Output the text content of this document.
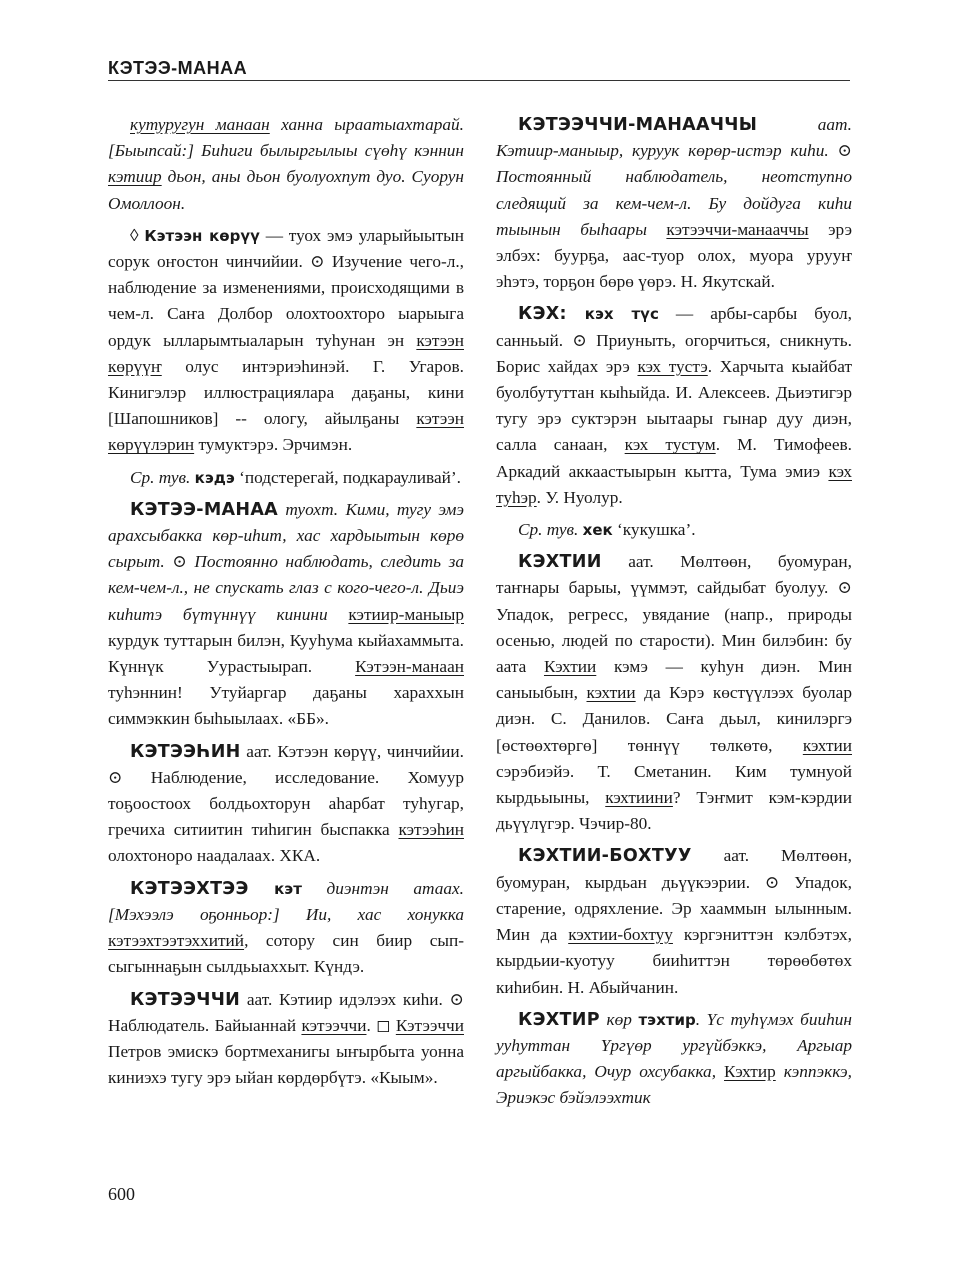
КЭТЭЭ-МАНАА

кутуругун манаан ханна ыраатыахтарай. [Быыпсай:] Биһиги былыргылыы сүөһү кэннин кэтиир дьон, аны дьон буолуохпут дуо. Суорун Омоллоон.

◊ Кэтээн көрүү — туох эмэ уларыйыытын сорук оҥостон чинчийии. ⊙ Изучение чего-л., наблюдение за изменениями, происходящими в чем-л. Саҥа Долбор олохтоохторо ыарыыга ордук ылларымтыаларын туһунан эн кэтээн көрүүҥ олус интэриэһинэй. Г. Угаров. Кинигэлэр иллюстрацияларa даҕаны, кини [Шапошников] -- ологу, айылҕаны кэтээн көрүүлэрин тумуктэрэ. Эрчимэн.

Ср. тув. кэдэ ‘подстерегай, подкарауливай’.

КЭТЭЭ-МАНАА туохт. Кими, тугу эмэ арахсыбакка көр-иһит, хас хардыытын көрө сырыт. ⊙ Постоянно наблюдать, следить за кем-чем-л., не спускать глаз с кого-чего-л. Дьиэ киһитэ бүтүннүү кинини кэтиир-маныыр курдук туттарын билэн, Кууһума кыйахаммыта. Күннүк Уурастыырап. Кэтээн-манаан туһэннин! Утуйаргар даҕаны хараххын симмэккин быһыылаах. «ББ».

КЭТЭЭҺИН аат. Кэтээн көрүү, чинчийии. ⊙ Наблюдение, исследование. Хомуур тоҕоостоох болдьохторун аһарбат туһугар, гречиха ситиитин тиһигин быспакка кэтээһин олохтоноро наадалаах. ХКА.

КЭТЭЭХТЭЭ кэт диэнтэн атаах. [Мэхээлэ оҕонньор:] Ии, хас хонукка кэтээхтээтэххитий, сотору син биир сып-сыгыннаҕын сылдьыаххыт. Күндэ.

КЭТЭЭЧЧИ аат. Кэтиир идэлээх киһи. ⊙ Наблюдатель. Байыаннай кэтээччи. ◻ Кэтээччи Петров эмискэ бортмеханигы ыҥырбыта уонна киниэхэ тугу эрэ ыйан көрдөрбүтэ. «Кыым».

КЭТЭЭЧЧИ-МАНААЧЧЫ аат. Кэтиир-маныыр, куруук көрөр-истэр киһи. ⊙ Постоянный наблюдатель, неотступно следящий за кем-чем-л. Бу дойдуга киһи тыынын быһаары кэтээччи-манааччы эрэ элбэх: буурҕа, аас-туор олох, муора урууҥ эһэтэ, торҕон бөрө үөрэ. Н. Якутскай.

КЭХ: кэх түс — арбы-сарбы буол, санньый. ⊙ Приуныть, огорчиться, сникнуть. Борис хайдах эрэ кэх тустэ. Харчыта кыайбат буолбутуттан кыһыйда. И. Алексеев. Дьиэтигэр тугу эрэ суктэрэн ыытаары гынар дуу диэн, салла санаан, кэх тустум. М. Тимофеев. Аркадий аккаастыырын кытта, Тума эмиэ кэх туһэр. У. Нуолур.

Ср. тув. хек ‘кукушка’.

КЭХТИИ аат. Мөлтөөн, буомуран, таҥнары барыы, үүммэт, сайдыбат буолуу. ⊙ Упадок, регресс, увядание (напр., природы осенью, людей по старости). Мин билэбин: бу аата Кэхтии кэмэ — куһун диэн. Мин саныыбын, кэхтии да Кэрэ көстүүлээх буолар диэн. С. Данилов. Саҥа дьыл, кинилэргэ [өстөөхтөргө] төннүү төлкөтө, кэхтии сэрэбиэйэ. Т. Сметанин. Ким тумнуой кырдьыыны, кэхтиини? Тэҥмит кэм-кэрдии дьүүлүгэр. Чэчир-80.

КЭХТИИ-БОХТУУ аат. Мөлтөөн, буомуран, кырдьан дьүүкээрии. ⊙ Упадок, старение, одряхление. Эр хааммын ылынным. Мин да кэхтии-бохтуу кэргэниттэн кэлбэтэх, кырдьии-куотуу бииһиттэн төрөөбөтөх киһибин. Н. Абыйчанин.

КЭХТИР көр тэхтир. Үс туһүмэх бииһин ууһуттан Үргүөр ургүйбэккэ, Аргыар аргыйбакка, Очур охсубакка, Кэхтир кэппэккэ, Эриэкэс бэйэлээхтик

600
